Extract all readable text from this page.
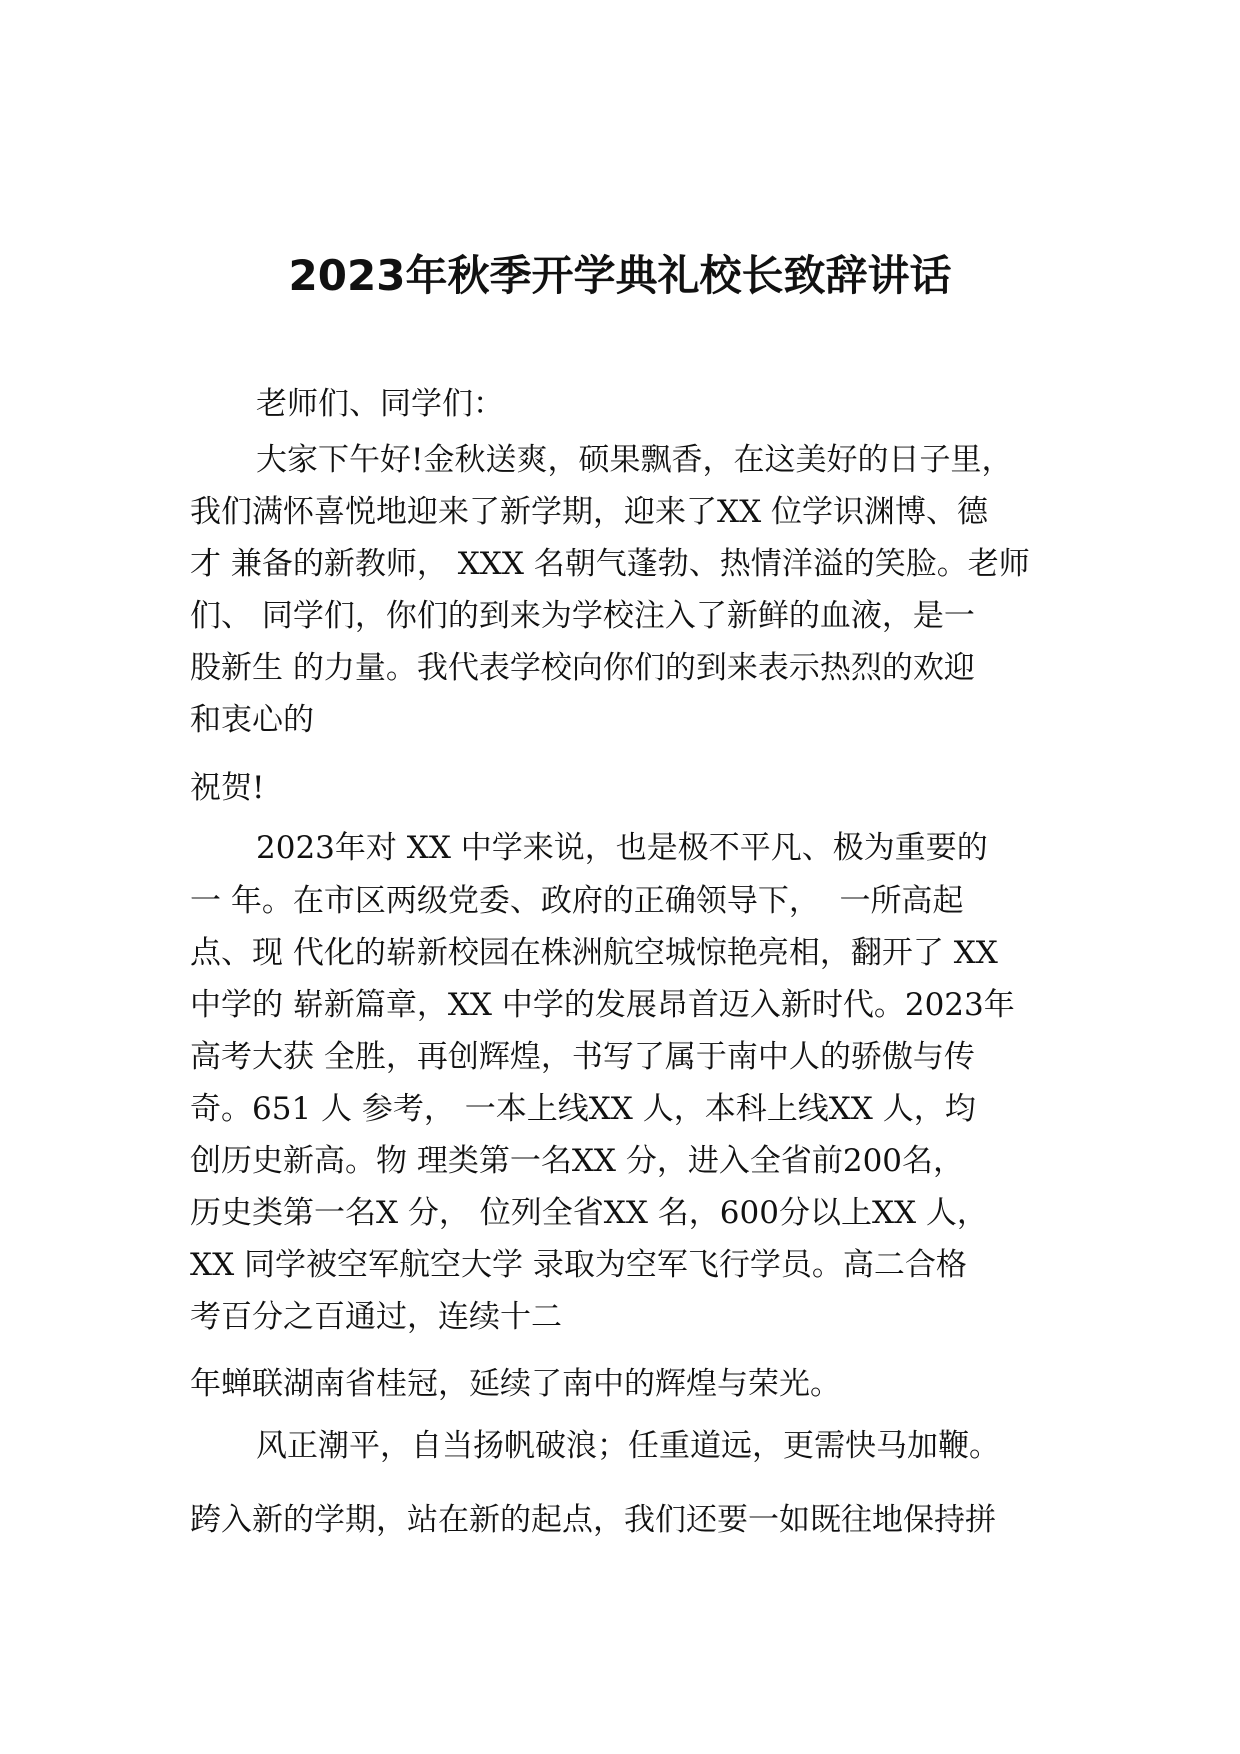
2023年秋季开学典礼校长致辞讲话
老师们、同学们：
大家下午好!金秋送爽，硕果飘香，在这美好的日子里，
我们满怀喜悦地迎来了新学期，迎来了XX 位学识渊博、德
才 兼备的新教师， XXX 名朝气蓬勃、热情洋溢的笑脸。老师
们、 同学们，你们的到来为学校注入了新鲜的血液，是一
股新生 的力量。我代表学校向你们的到来表示热烈的欢迎
和衷心的
祝贺!
2023年对 XX 中学来说，也是极不平凡、极为重要的
一 年。在市区两级党委、政府的正确领导下，  一所高起
点、现 代化的崭新校园在株洲航空城惊艳亮相，翻开了 XX
中学的 崭新篇章，XX 中学的发展昂首迈入新时代。2023年
高考大获 全胜，再创辉煌，书写了属于南中人的骄傲与传
奇。651 人 参考， 一本上线XX 人，本科上线XX 人，均
创历史新高。物 理类第一名XX 分，进入全省前200名，
历史类第一名X 分， 位列全省XX 名，600分以上XX 人，
XX 同学被空军航空大学 录取为空军飞行学员。高二合格
考百分之百通过，连续十二
年蝉联湖南省桂冠，延续了南中的辉煌与荣光。
风正潮平，自当扬帆破浪；任重道远，更需快马加鞭。
跨入新的学期，站在新的起点，我们还要一如既往地保持拼
